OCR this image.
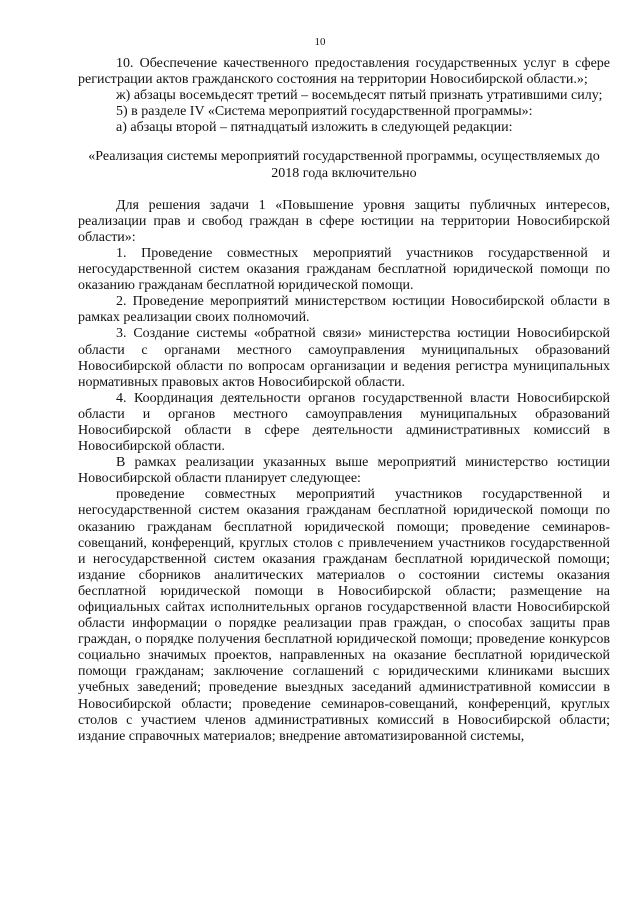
10

10. Обеспечение качественного предоставления государственных услуг в сфере регистрации актов гражданского состояния на территории Новосибирской области.»;

ж) абзацы восемьдесят третий – восемьдесят пятый признать утратившими силу;

5) в разделе IV «Система мероприятий государственной программы»:

а) абзацы второй – пятнадцатый изложить в следующей редакции:

«Реализация системы мероприятий государственной программы, осуществляемых до 2018 года включительно

Для решения задачи 1 «Повышение уровня защиты публичных интересов, реализации прав и свобод граждан в сфере юстиции на территории Новосибирской области»:

1. Проведение совместных мероприятий участников государственной и негосударственной систем оказания гражданам бесплатной юридической помощи по оказанию гражданам бесплатной юридической помощи.

2. Проведение мероприятий министерством юстиции Новосибирской области в рамках реализации своих полномочий.

3. Создание системы «обратной связи» министерства юстиции Новосибирской области с органами местного самоуправления муниципальных образований Новосибирской области по вопросам организации и ведения регистра муниципальных нормативных правовых актов Новосибирской области.

4. Координация деятельности органов государственной власти Новосибирской области и органов местного самоуправления муниципальных образований Новосибирской области в сфере деятельности административных комиссий в Новосибирской области.

В рамках реализации указанных выше мероприятий министерство юстиции Новосибирской области планирует следующее:

проведение совместных мероприятий участников государственной и негосударственной систем оказания гражданам бесплатной юридической помощи по оказанию гражданам бесплатной юридической помощи; проведение семинаров-совещаний, конференций, круглых столов с привлечением участников государственной и негосударственной систем оказания гражданам бесплатной юридической помощи; издание сборников аналитических материалов о состоянии системы оказания бесплатной юридической помощи в Новосибирской области; размещение на официальных сайтах исполнительных органов государственной власти Новосибирской области информации о порядке реализации прав граждан, о способах защиты прав граждан, о порядке получения бесплатной юридической помощи; проведение конкурсов социально значимых проектов, направленных на оказание бесплатной юридической помощи гражданам; заключение соглашений с юридическими клиниками высших учебных заведений; проведение выездных заседаний административной комиссии в Новосибирской области; проведение семинаров-совещаний, конференций, круглых столов с участием членов административных комиссий в Новосибирской области; издание справочных материалов; внедрение автоматизированной системы,
